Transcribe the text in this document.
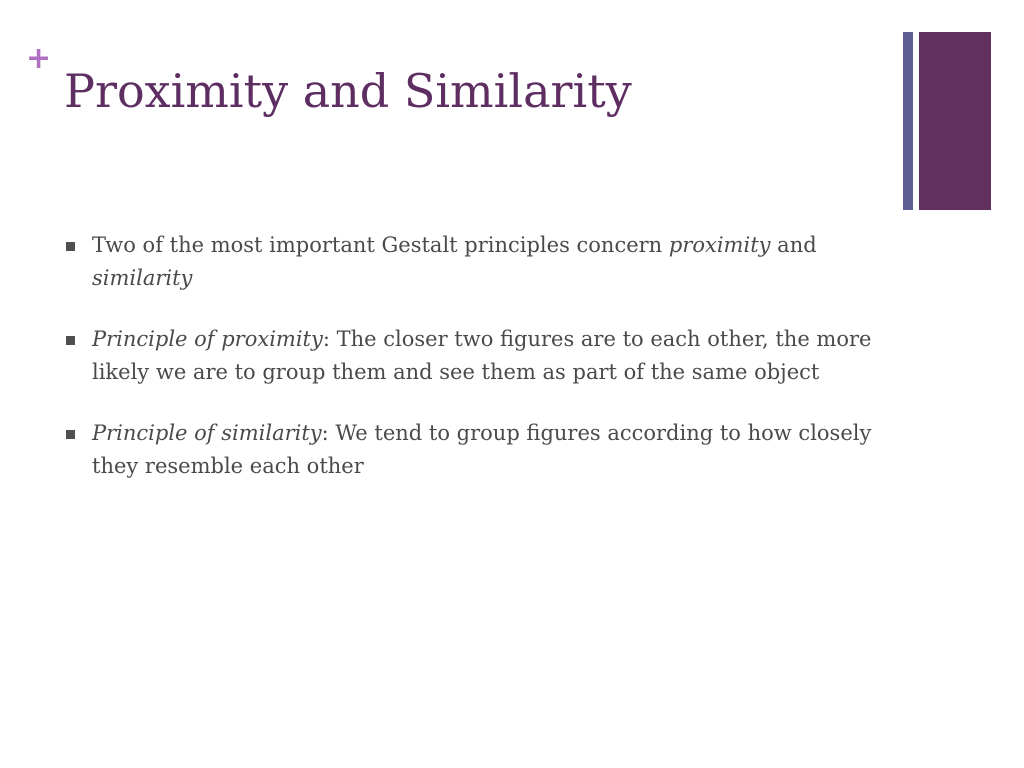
+
Proximity and Similarity
Two of the most important Gestalt principles concern proximity and similarity
Principle of proximity: The closer two figures are to each other, the more likely we are to group them and see them as part of the same object
Principle of similarity: We tend to group figures according to how closely they resemble each other
